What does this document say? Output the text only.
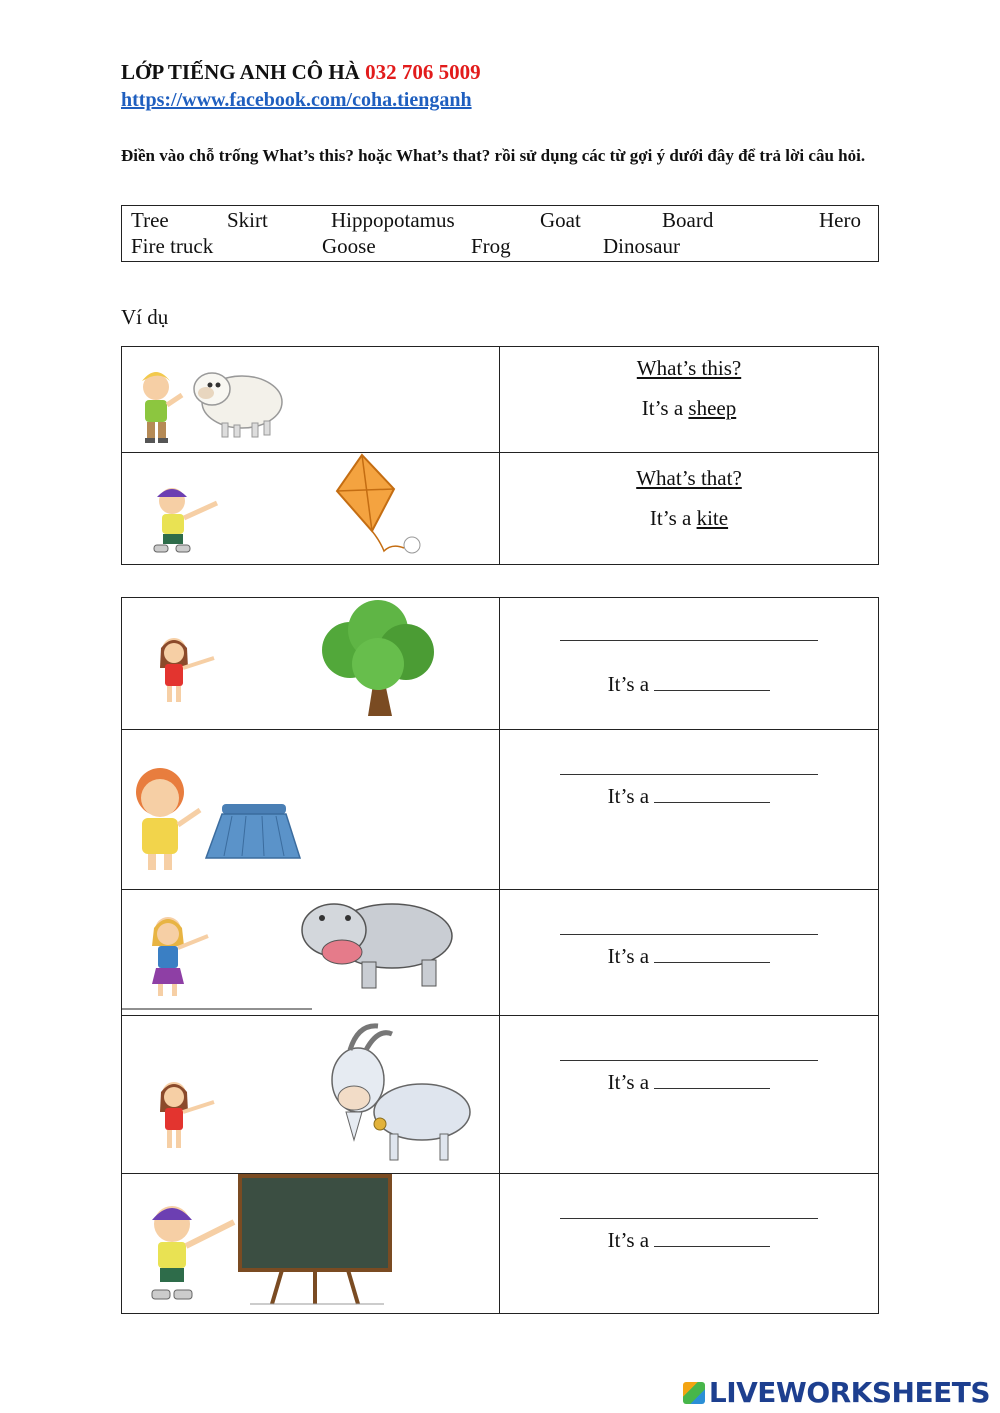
LỚP TIẾNG ANH CÔ HÀ 032 706 5009
https://www.facebook.com/coha.tienganh
Điền vào chỗ trống What’s this? hoặc What’s that? rồi sử dụng các từ gợi ý dưới đây để trả lời câu hỏi.
Tree	Skirt	Hippopotamus	Goat	Board	Hero
Fire truck	Goose	Frog	Dinosaur
Ví dụ

What’s this?
It’s a sheep

What’s that?
It’s a kite

It’s a

It’s a

It’s a

It’s a

It’s a
LIVEWORKSHEETS
